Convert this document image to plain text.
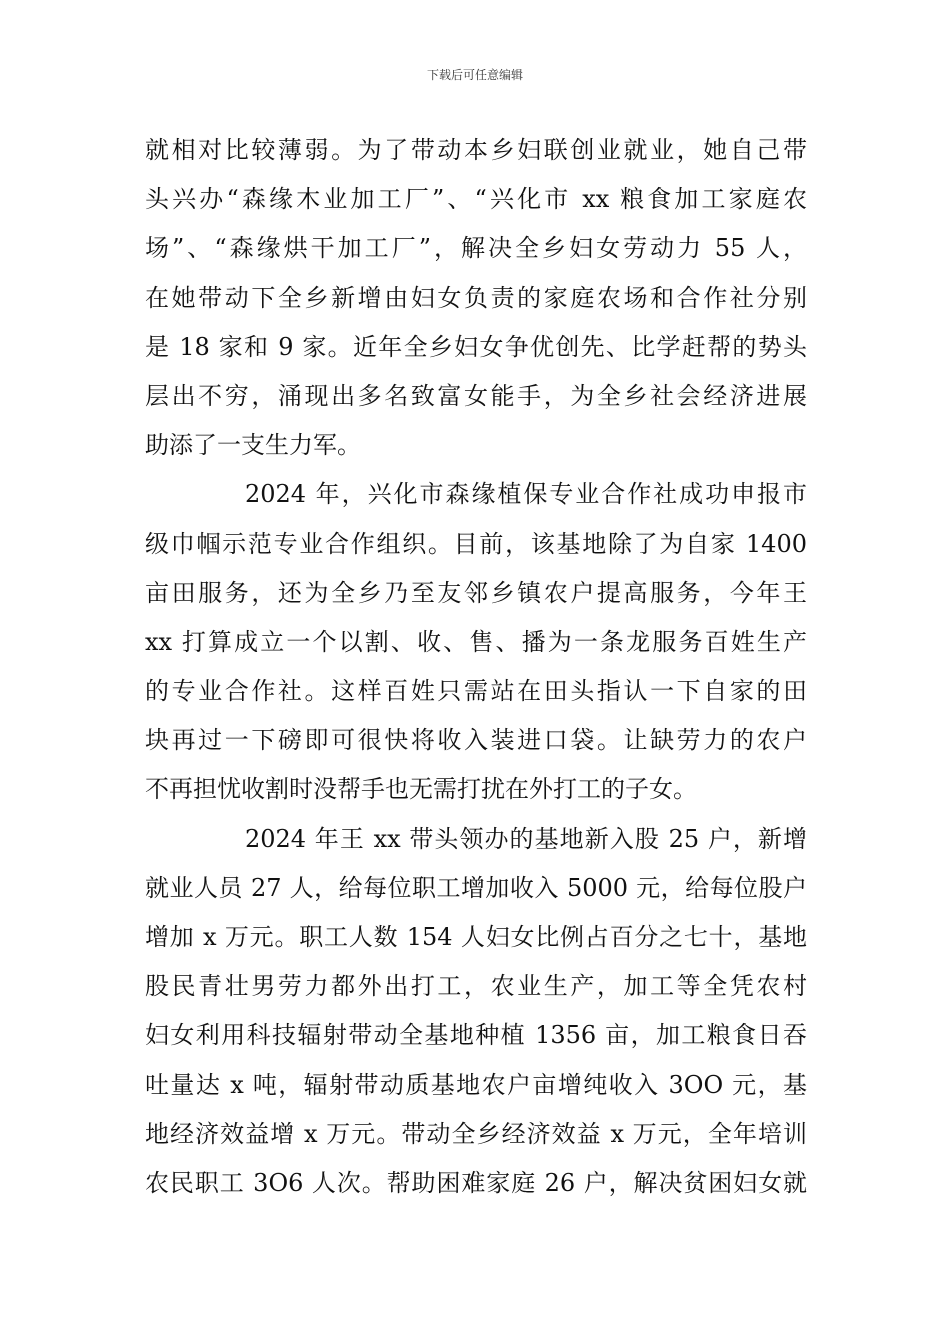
下载后可任意编辑
就相对比较薄弱。为了带动本乡妇联创业就业，她自己带
头兴办“森缘木业加工厂”、“兴化市 xx 粮食加工家庭农
场”、“森缘烘干加工厂”，解决全乡妇女劳动力 55 人，
在她带动下全乡新增由妇女负责的家庭农场和合作社分别
是 18 家和 9 家。近年全乡妇女争优创先、比学赶帮的势头
层出不穷，涌现出多名致富女能手，为全乡社会经济进展
助添了一支生力军。
2024 年，兴化市森缘植保专业合作社成功申报市
级巾帼示范专业合作组织。目前，该基地除了为自家 1400
亩田服务，还为全乡乃至友邻乡镇农户提高服务，今年王
xx 打算成立一个以割、收、售、播为一条龙服务百姓生产
的专业合作社。这样百姓只需站在田头指认一下自家的田
块再过一下磅即可很快将收入装进口袋。让缺劳力的农户
不再担忧收割时没帮手也无需打扰在外打工的子女。
2024 年王 xx 带头领办的基地新入股 25 户，新增
就业人员 27 人，给每位职工增加收入 5000 元，给每位股户
增加 x 万元。职工人数 154 人妇女比例占百分之七十，基地
股民青壮男劳力都外出打工，农业生产，加工等全凭农村
妇女利用科技辐射带动全基地种植 1356 亩，加工粮食日吞
吐量达 x 吨，辐射带动质基地农户亩增纯收入 3OO 元，基
地经济效益增 x 万元。带动全乡经济效益 x 万元，全年培训
农民职工 3O6 人次。帮助困难家庭 26 户，解决贫困妇女就
